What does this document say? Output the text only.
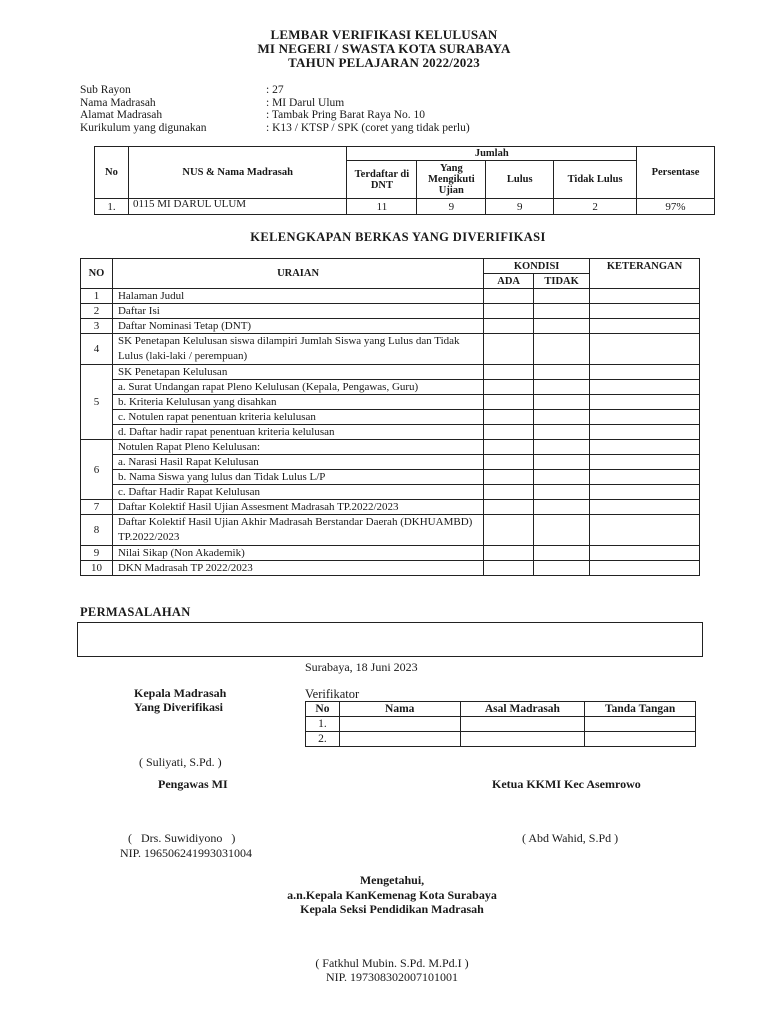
LEMBAR VERIFIKASI KELULUSAN
MI NEGERI / SWASTA KOTA SURABAYA
TAHUN PELAJARAN 2022/2023
Sub Rayon	: 27
Nama Madrasah	: MI Darul Ulum
Alamat Madrasah	: Tambak Pring Barat Raya No. 10
Kurikulum yang digunakan	: K13 / KTSP / SPK (coret yang tidak perlu)
No	NUS & Nama Madrasah	Jumlah				Persentase
		Terdaftar di DNT	Yang Mengikuti Ujian	Lulus	Tidak Lulus	
1.	0115 MI DARUL ULUM	11	9	9	2	97%
KELENGKAPAN BERKAS YANG DIVERIFIKASI
NO	URAIAN	KONDISI		KETERANGAN
		ADA	TIDAK	
1	Halaman Judul			
2	Daftar Isi			
3	Daftar Nominasi Tetap (DNT)			
4	SK Penetapan Kelulusan siswa dilampiri Jumlah Siswa yang Lulus dan Tidak Lulus (laki-laki / perempuan)			
5	SK Penetapan Kelulusan			
	a. Surat Undangan rapat Pleno Kelulusan (Kepala, Pengawas, Guru)			
	b. Kriteria Kelulusan yang disahkan			
	c. Notulen rapat penentuan kriteria kelulusan			
	d. Daftar hadir rapat penentuan kriteria kelulusan			
6	Notulen Rapat Pleno Kelulusan:			
	a. Narasi Hasil Rapat Kelulusan			
	b. Nama Siswa yang lulus dan Tidak Lulus L/P			
	c. Daftar Hadir Rapat Kelulusan			
7	Daftar Kolektif Hasil Ujian Assesment Madrasah TP.2022/2023			
8	Daftar Kolektif Hasil Ujian Akhir Madrasah Berstandar Daerah (DKHUAMBD) TP.2022/2023			
9	Nilai Sikap (Non Akademik)			
10	DKN Madrasah TP 2022/2023			
PERMASALAHAN
Surabaya, 18 Juni 2023
Kepala Madrasah
Yang Diverifikasi
Verifikator
No	Nama	Asal Madrasah	Tanda Tangan
1.			
2.			
( Suliyati, S.Pd. )
Pengawas MI	Ketua KKMI Kec Asemrowo
(   Drs. Suwidiyono   )
NIP. 196506241993031004
( Abd Wahid, S.Pd )
Mengetahui,
a.n.Kepala KanKemenag Kota Surabaya
Kepala Seksi Pendidikan Madrasah
( Fatkhul Mubin. S.Pd. M.Pd.I )
NIP. 197308302007101001
